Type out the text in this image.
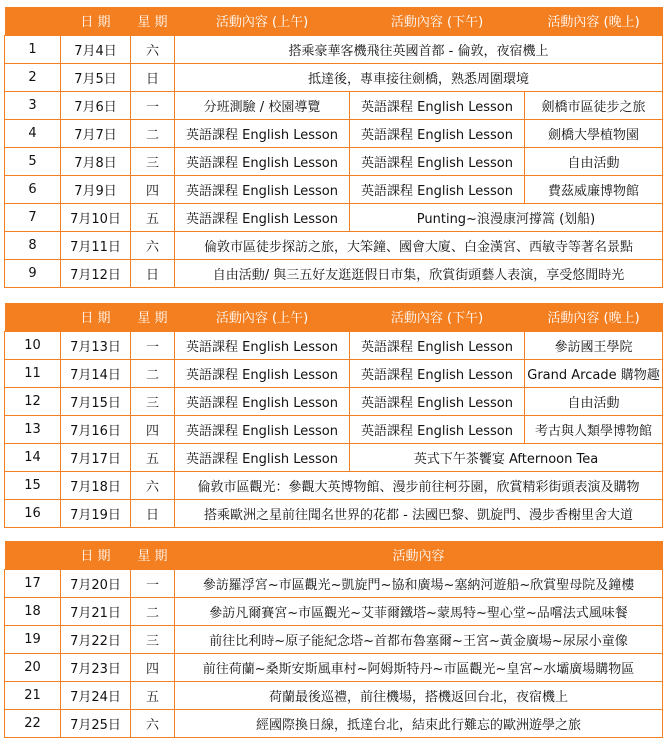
	日 期	星 期	活動內容 (上午)	活動內容 (下午)	活動內容 (晚上)
1	7月4日	六	搭乘豪華客機飛往英國首都 - 倫敦，夜宿機上		
2	7月5日	日	抵達後，專車接往劍橋，熟悉周圍環境		
3	7月6日	一	分班測驗 / 校園導覽	英語課程 English Lesson	劍橋市區徒步之旅
4	7月7日	二	英語課程 English Lesson	英語課程 English Lesson	劍橋大學植物園
5	7月8日	三	英語課程 English Lesson	英語課程 English Lesson	自由活動
6	7月9日	四	英語課程 English Lesson	英語課程 English Lesson	費茲威廉博物館
7	7月10日	五	英語課程 English Lesson	Punting~浪漫康河撐篙 (划船)	
8	7月11日	六	倫敦市區徒步探訪之旅，大笨鐘、國會大廈、白金漢宮、西敏寺等著名景點		
9	7月12日	日	自由活動/ 與三五好友逛逛假日市集，欣賞街頭藝人表演，享受悠閒時光		
	日 期	星 期	活動內容 (上午)	活動內容 (下午)	活動內容 (晚上)
10	7月13日	一	英語課程 English Lesson	英語課程 English Lesson	參訪國王學院
11	7月14日	二	英語課程 English Lesson	英語課程 English Lesson	Grand Arcade 購物趣
12	7月15日	三	英語課程 English Lesson	英語課程 English Lesson	自由活動
13	7月16日	四	英語課程 English Lesson	英語課程 English Lesson	考古與人類學博物館
14	7月17日	五	英語課程 English Lesson	英式下午茶饗宴 Afternoon Tea	
15	7月18日	六	倫敦市區觀光：參觀大英博物館、漫步前往柯芬園，欣賞精彩街頭表演及購物		
16	7月19日	日	搭乘歐洲之星前往聞名世界的花都 - 法國巴黎、凱旋門、漫步香榭里舍大道		
	日 期	星 期	活動內容
17	7月20日	一	參訪羅浮宮~市區觀光~凱旋門~協和廣場~塞納河遊船~欣賞聖母院及鐘樓
18	7月21日	二	參訪凡爾賽宮~市區觀光~艾菲爾鐵塔~蒙馬特~聖心堂~品嚐法式風味餐
19	7月22日	三	前往比利時~原子能紀念塔~首都布魯塞爾~王宮~黃金廣場~尿尿小童像
20	7月23日	四	前往荷蘭~桑斯安斯風車村~阿姆斯特丹~市區觀光~皇宮~水壩廣場購物區
21	7月24日	五	荷蘭最後巡禮，前往機場，搭機返回台北，夜宿機上
22	7月25日	六	經國際換日線，抵達台北，結束此行難忘的歐洲遊學之旅
